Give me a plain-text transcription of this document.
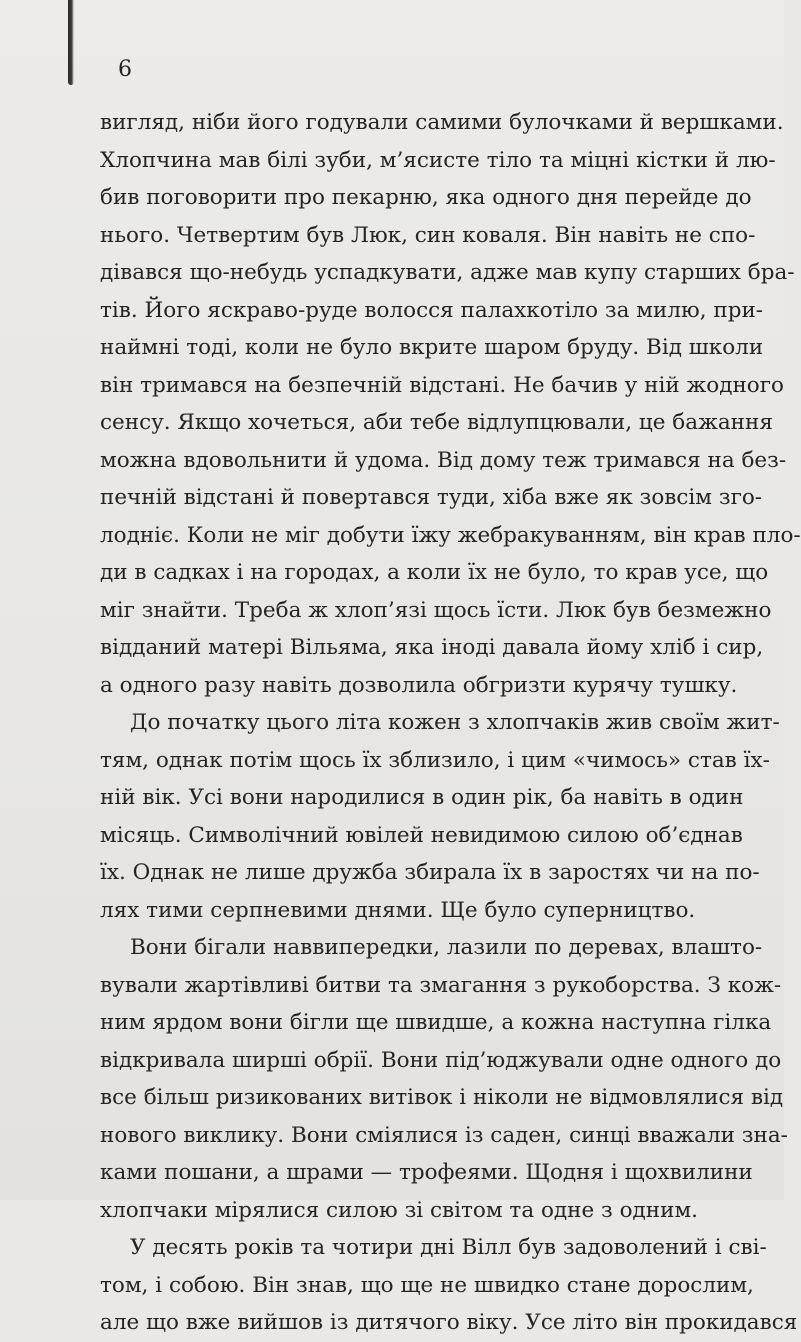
6
вигляд, ніби його годували самими булочками й вершками.
Хлопчина мав білі зуби, м’ясисте тіло та міцні кістки й лю-
бив поговорити про пекарню, яка одного дня перейде до
нього. Четвертим був Люк, син коваля. Він навіть не спо-
дівався що-небудь успадкувати, адже мав купу старших бра-
тів. Його яскраво-руде волосся палахкотіло за милю, при-
наймні тоді, коли не було вкрите шаром бруду. Від школи
він тримався на безпечній відстані. Не бачив у ній жодного
сенсу. Якщо хочеться, аби тебе відлупцювали, це бажання
можна вдовольнити й удома. Від дому теж тримався на без-
печній відстані й повертався туди, хіба вже як зовсім зго-
лодніє. Коли не міг добути їжу жебракуванням, він крав пло-
ди в садках і на городах, а коли їх не було, то крав усе, що
міг знайти. Треба ж хлоп’язі щось їсти. Люк був безмежно
відданий матері Вільяма, яка іноді давала йому хліб і сир,
а одного разу навіть дозволила обгризти курячу тушку.
До початку цього літа кожен з хлопчаків жив своїм жит-
тям, однак потім щось їх зблизило, і цим «чимось» став їх-
ній вік. Усі вони народилися в один рік, ба навіть в один
місяць. Символічний ювілей невидимою силою об’єднав
їх. Однак не лише дружба збирала їх в заростях чи на по-
лях тими серпневими днями. Ще було суперництво.
Вони бігали наввипередки, лазили по деревах, влашто-
вували жартівливі битви та змагання з рукоборства. З кож-
ним ярдом вони бігли ще швидше, а кожна наступна гілка
відкривала ширші обрії. Вони під’юджували одне одного до
все більш ризикованих витівок і ніколи не відмовлялися від
нового виклику. Вони сміялися із саден, синці вважали зна-
ками пошани, а шрами — трофеями. Щодня і щохвилини
хлопчаки мірялися силою зі світом та одне з одним.
У десять років та чотири дні Вілл був задоволений і сві-
том, і собою. Він знав, що ще не швидко стане дорослим,
але що вже вийшов із дитячого віку. Усе літо він прокидався
